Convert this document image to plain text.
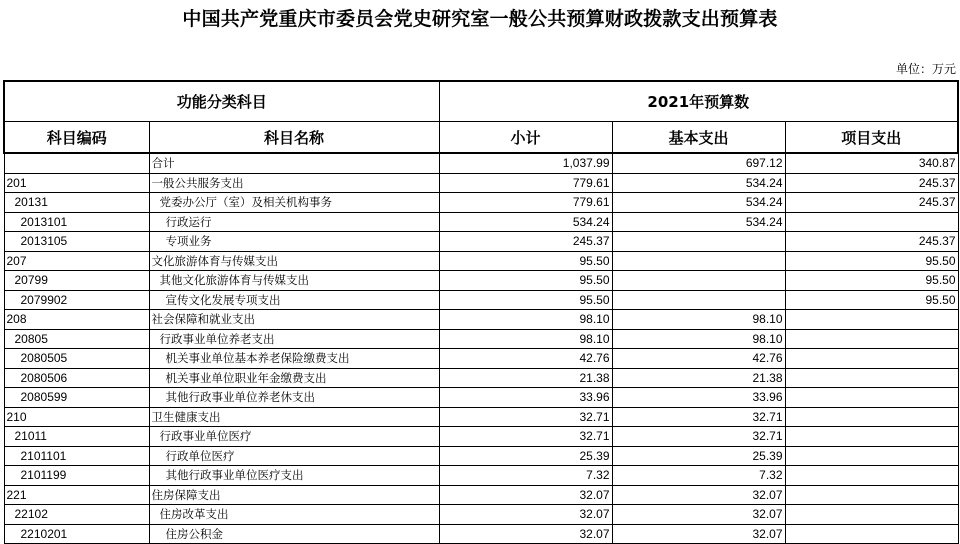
中国共产党重庆市委员会党史研究室一般公共预算财政拨款支出预算表
单位：万元
功能分类科目		2021年预算数		
科目编码	科目名称	小计	基本支出	项目支出
	合计	1,037.99	697.12	340.87
201	一般公共服务支出	779.61	534.24	245.37
20131	党委办公厅（室）及相关机构事务	779.61	534.24	245.37
2013101	行政运行	534.24	534.24	
2013105	专项业务	245.37		245.37
207	文化旅游体育与传媒支出	95.50		95.50
20799	其他文化旅游体育与传媒支出	95.50		95.50
2079902	宣传文化发展专项支出	95.50		95.50
208	社会保障和就业支出	98.10	98.10	
20805	行政事业单位养老支出	98.10	98.10	
2080505	机关事业单位基本养老保险缴费支出	42.76	42.76	
2080506	机关事业单位职业年金缴费支出	21.38	21.38	
2080599	其他行政事业单位养老休支出	33.96	33.96	
210	卫生健康支出	32.71	32.71	
21011	行政事业单位医疗	32.71	32.71	
2101101	行政单位医疗	25.39	25.39	
2101199	其他行政事业单位医疗支出	7.32	7.32	
221	住房保障支出	32.07	32.07	
22102	住房改革支出	32.07	32.07	
2210201	住房公积金	32.07	32.07	
